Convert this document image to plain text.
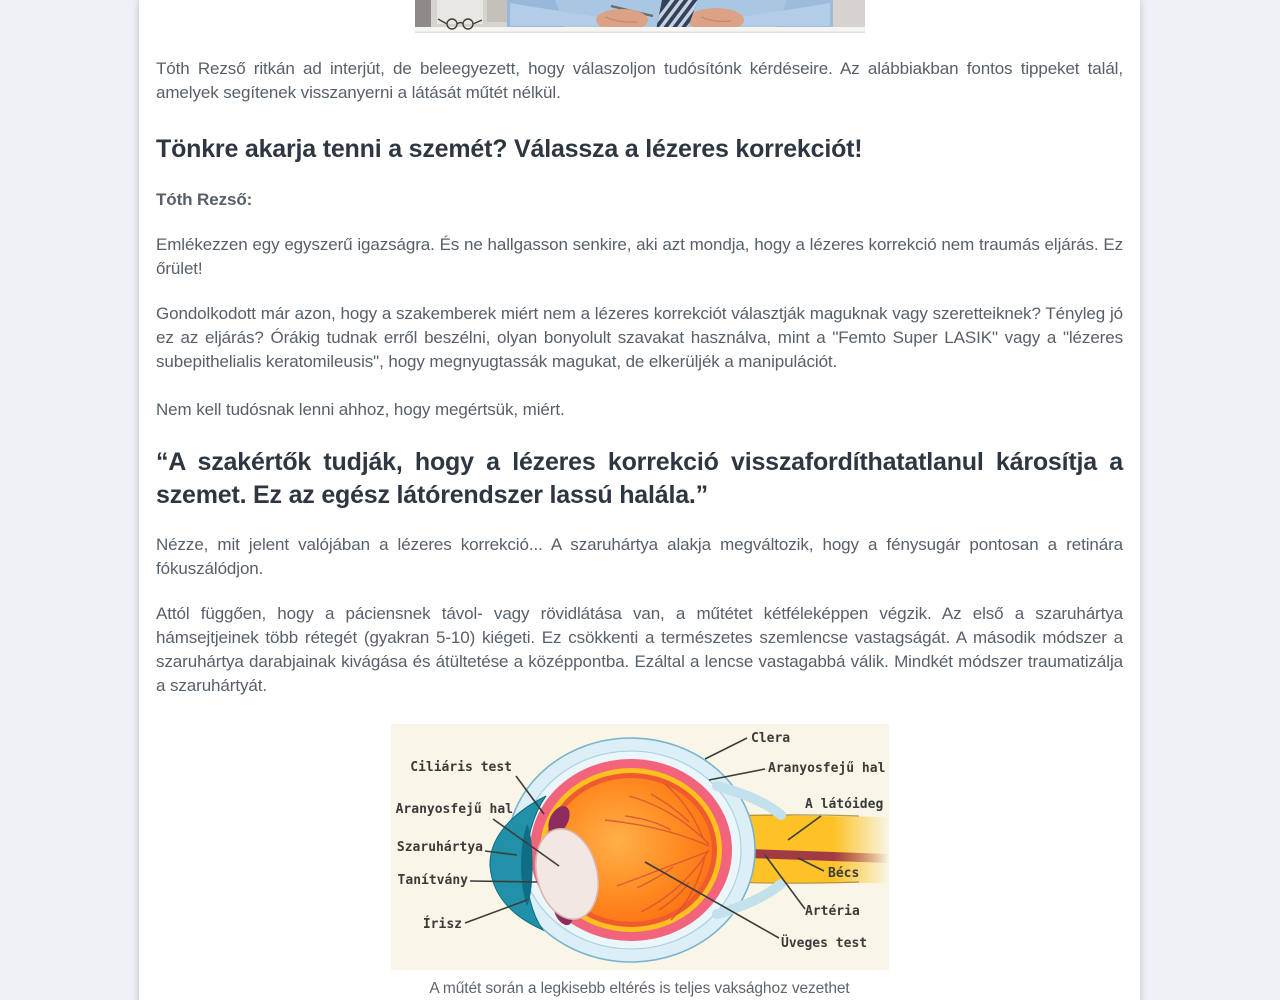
Tóth Rezső ritkán ad interjút, de beleegyezett, hogy válaszoljon tudósítónk kérdéseire. Az alábbiakban fontos tippeket talál, amelyek segítenek visszanyerni a látását műtét nélkül.

Tönkre akarja tenni a szemét? Válassza a lézeres korrekciót!

Tóth Rezső:

Emlékezzen egy egyszerű igazságra. És ne hallgasson senkire, aki azt mondja, hogy a lézeres korrekció nem traumás eljárás. Ez őrület!

Gondolkodott már azon, hogy a szakemberek miért nem a lézeres korrekciót választják maguknak vagy szeretteiknek? Tényleg jó ez az eljárás? Órákig tudnak erről beszélni, olyan bonyolult szavakat használva, mint a "Femto Super LASIK" vagy a "lézeres subepithelialis keratomileusis", hogy megnyugtassák magukat, de elkerüljék a manipulációt.

Nem kell tudósnak lenni ahhoz, hogy megértsük, miért.

“A szakértők tudják, hogy a lézeres korrekció visszafordíthatatlanul károsítja a szemet. Ez az egész látórendszer lassú halála.”

Nézze, mit jelent valójában a lézeres korrekció... A szaruhártya alakja megváltozik, hogy a fénysugár pontosan a retinára fókuszálódjon.

Attól függően, hogy a páciensnek távol- vagy rövidlátása van, a műtétet kétféleképpen végzik. Az első a szaruhártya hámsejtjeinek több rétegét (gyakran 5-10) kiégeti. Ez csökkenti a természetes szemlencse vastagságát. A második módszer a szaruhártya darabjainak kivágása és átültetése a középpontba. Ezáltal a lencse vastagabbá válik. Mindkét módszer traumatizálja a szaruhártyát.

Ciliáris test
Aranyosfejű hal
Szaruhártya
Tanítvány
Írisz
Clera
Aranyosfejű hal
A látóideg
Bécs
Artéria
Üveges test

A műtét során a legkisebb eltérés is teljes vaksághoz vezethet
